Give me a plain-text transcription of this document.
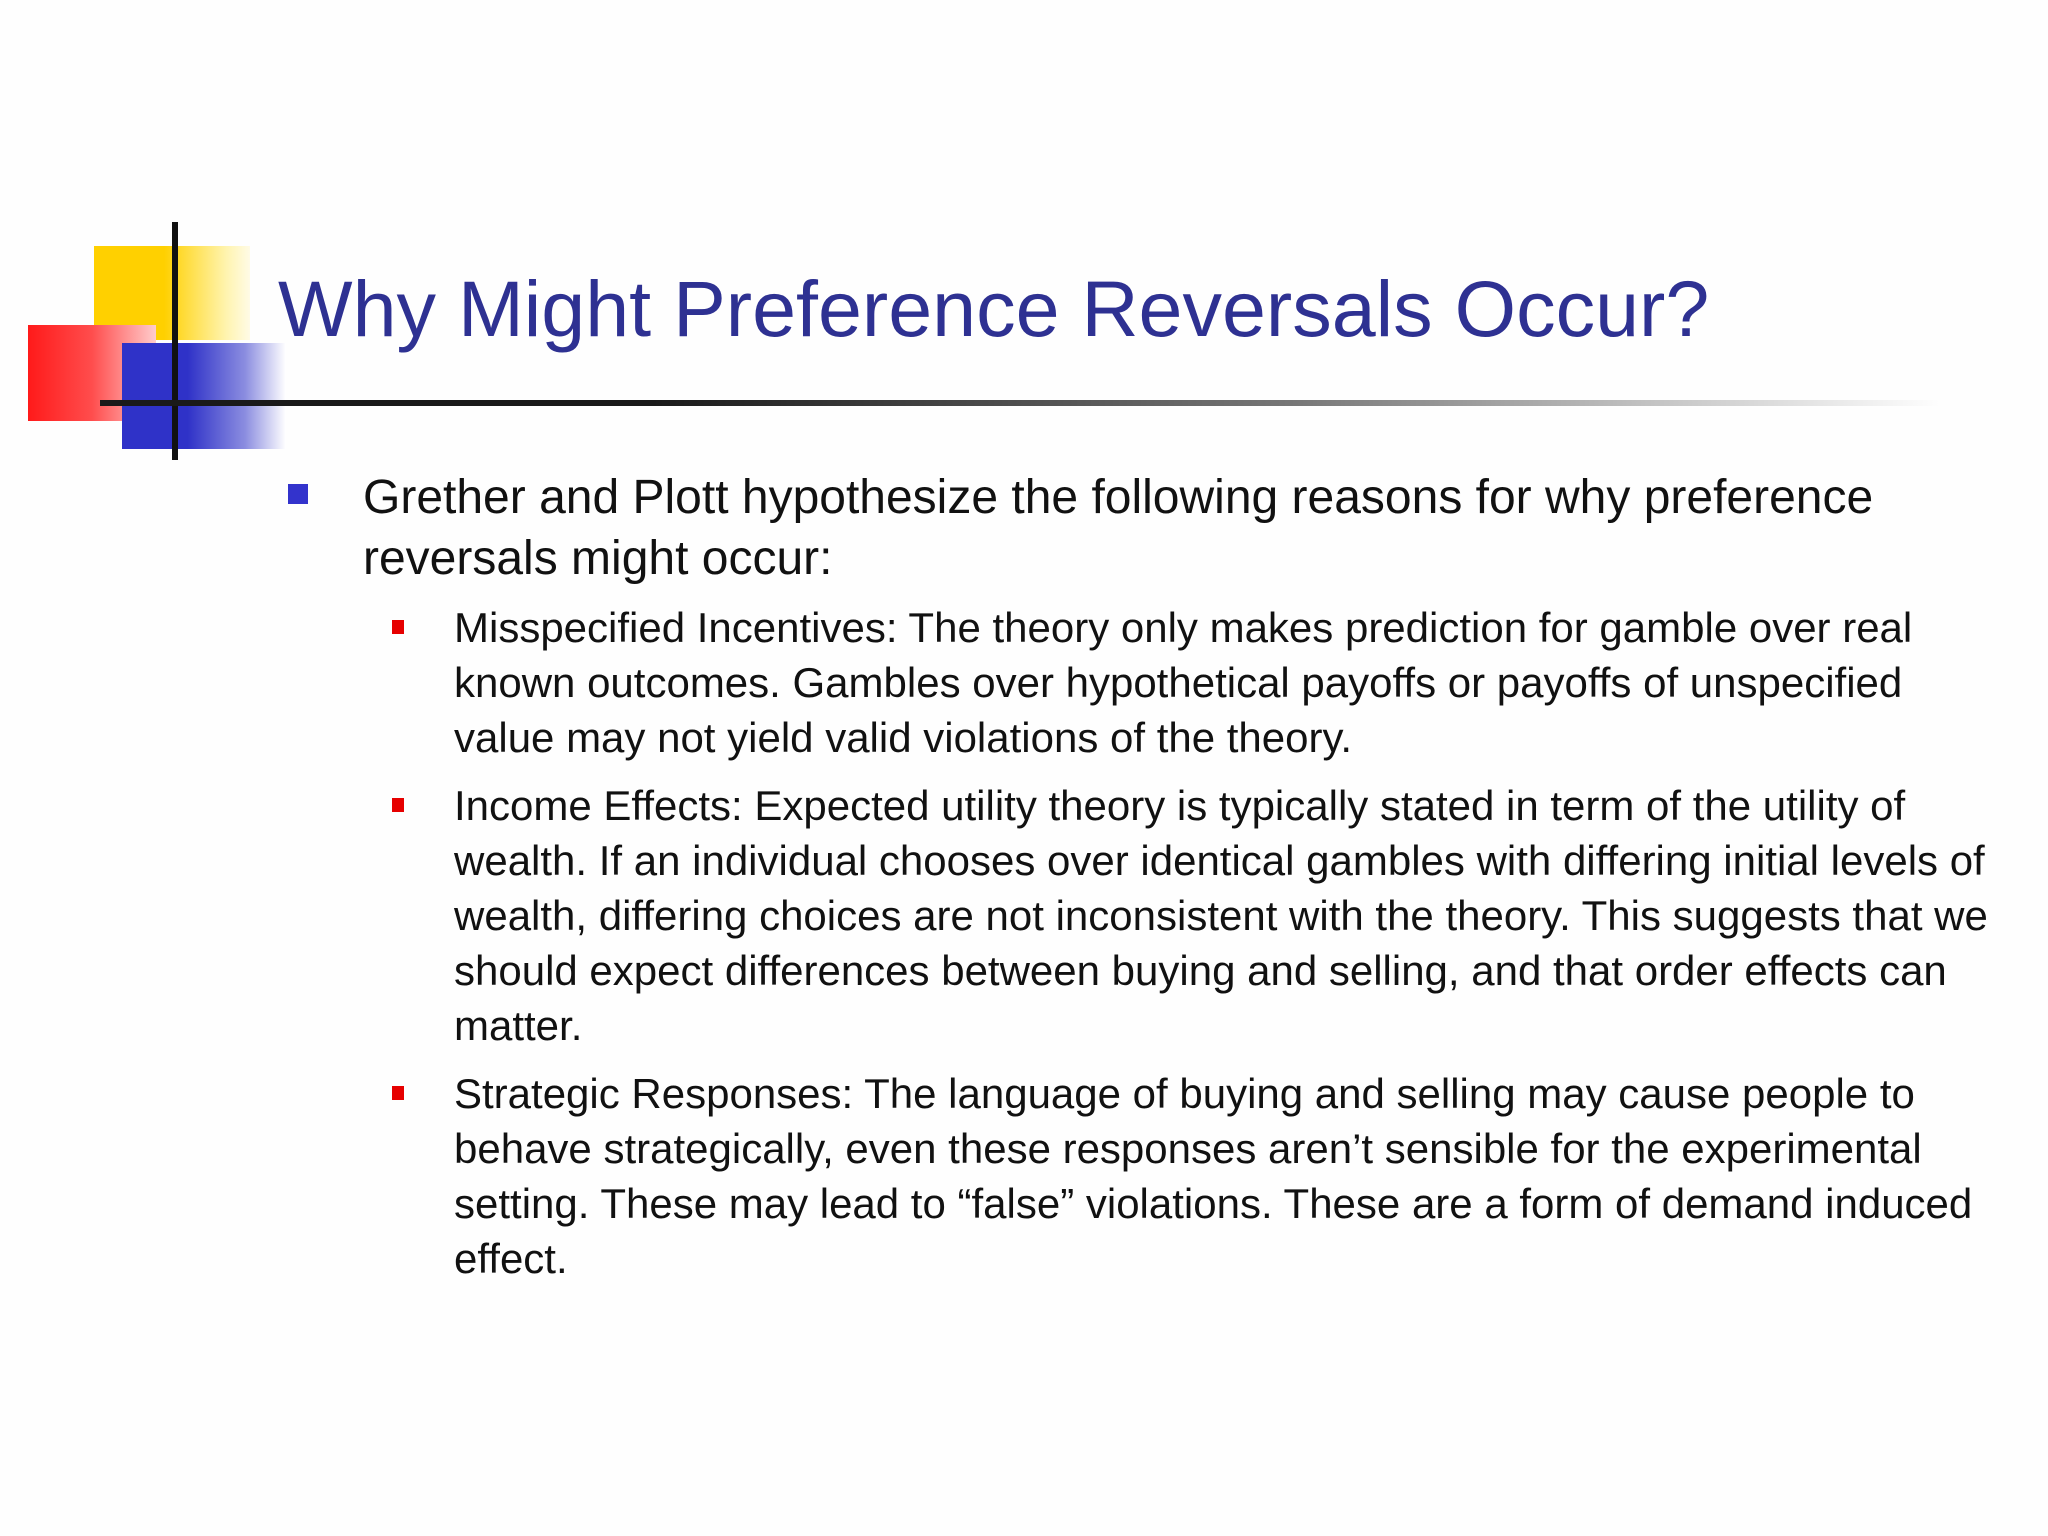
Why Might Preference Reversals Occur?
Grether and Plott hypothesize the following reasons for why preference reversals might occur:
Misspecified Incentives: The theory only makes prediction for gamble over real known outcomes. Gambles over hypothetical payoffs or payoffs of unspecified value may not yield valid violations of the theory.
Income Effects: Expected utility theory is typically stated in term of the utility of wealth. If an individual chooses over identical gambles with differing initial levels of wealth, differing choices are not inconsistent with the theory. This suggests that we should expect differences between buying and selling, and that order effects can matter.
Strategic Responses: The language of buying and selling may cause people to behave strategically, even these responses aren’t sensible for the experimental setting. These may lead to “false” violations. These are a form of demand induced effect.
